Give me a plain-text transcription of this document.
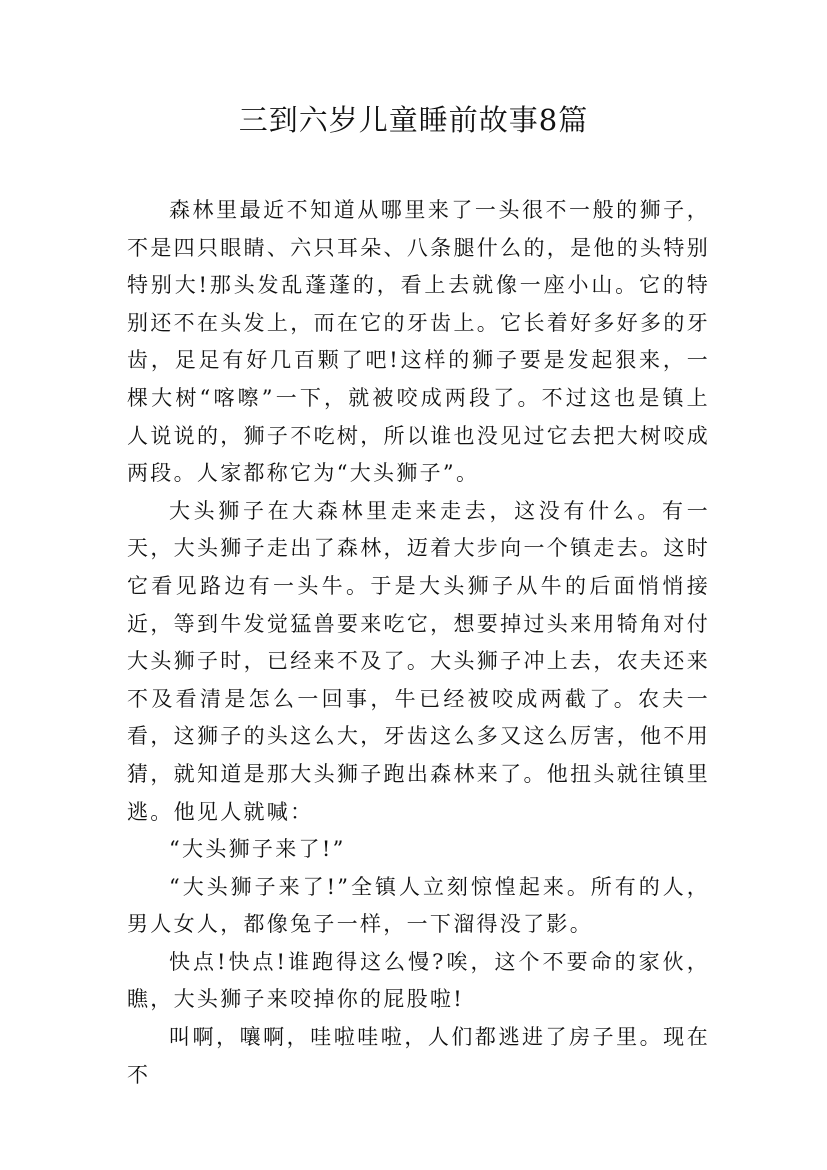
三到六岁儿童睡前故事8篇

森林里最近不知道从哪里来了一头很不一般的狮子，不是四只眼睛、六只耳朵、八条腿什么的，是他的头特别特别大!那头发乱蓬蓬的，看上去就像一座小山。它的特别还不在头发上，而在它的牙齿上。它长着好多好多的牙齿，足足有好几百颗了吧!这样的狮子要是发起狠来，一棵大树“喀嚓”一下，就被咬成两段了。不过这也是镇上人说说的，狮子不吃树，所以谁也没见过它去把大树咬成两段。人家都称它为“大头狮子”。

大头狮子在大森林里走来走去，这没有什么。有一天，大头狮子走出了森林，迈着大步向一个镇走去。这时它看见路边有一头牛。于是大头狮子从牛的后面悄悄接近，等到牛发觉猛兽要来吃它，想要掉过头来用犄角对付大头狮子时，已经来不及了。大头狮子冲上去，农夫还来不及看清是怎么一回事，牛已经被咬成两截了。农夫一看，这狮子的头这么大，牙齿这么多又这么厉害，他不用猜，就知道是那大头狮子跑出森林来了。他扭头就往镇里逃。他见人就喊：

“大头狮子来了!”

“大头狮子来了!”全镇人立刻惊惶起来。所有的人，男人女人，都像兔子一样，一下溜得没了影。

快点!快点!谁跑得这么慢?唉，这个不要命的家伙，瞧，大头狮子来咬掉你的屁股啦!

叫啊，嚷啊，哇啦哇啦，人们都逃进了房子里。现在不
